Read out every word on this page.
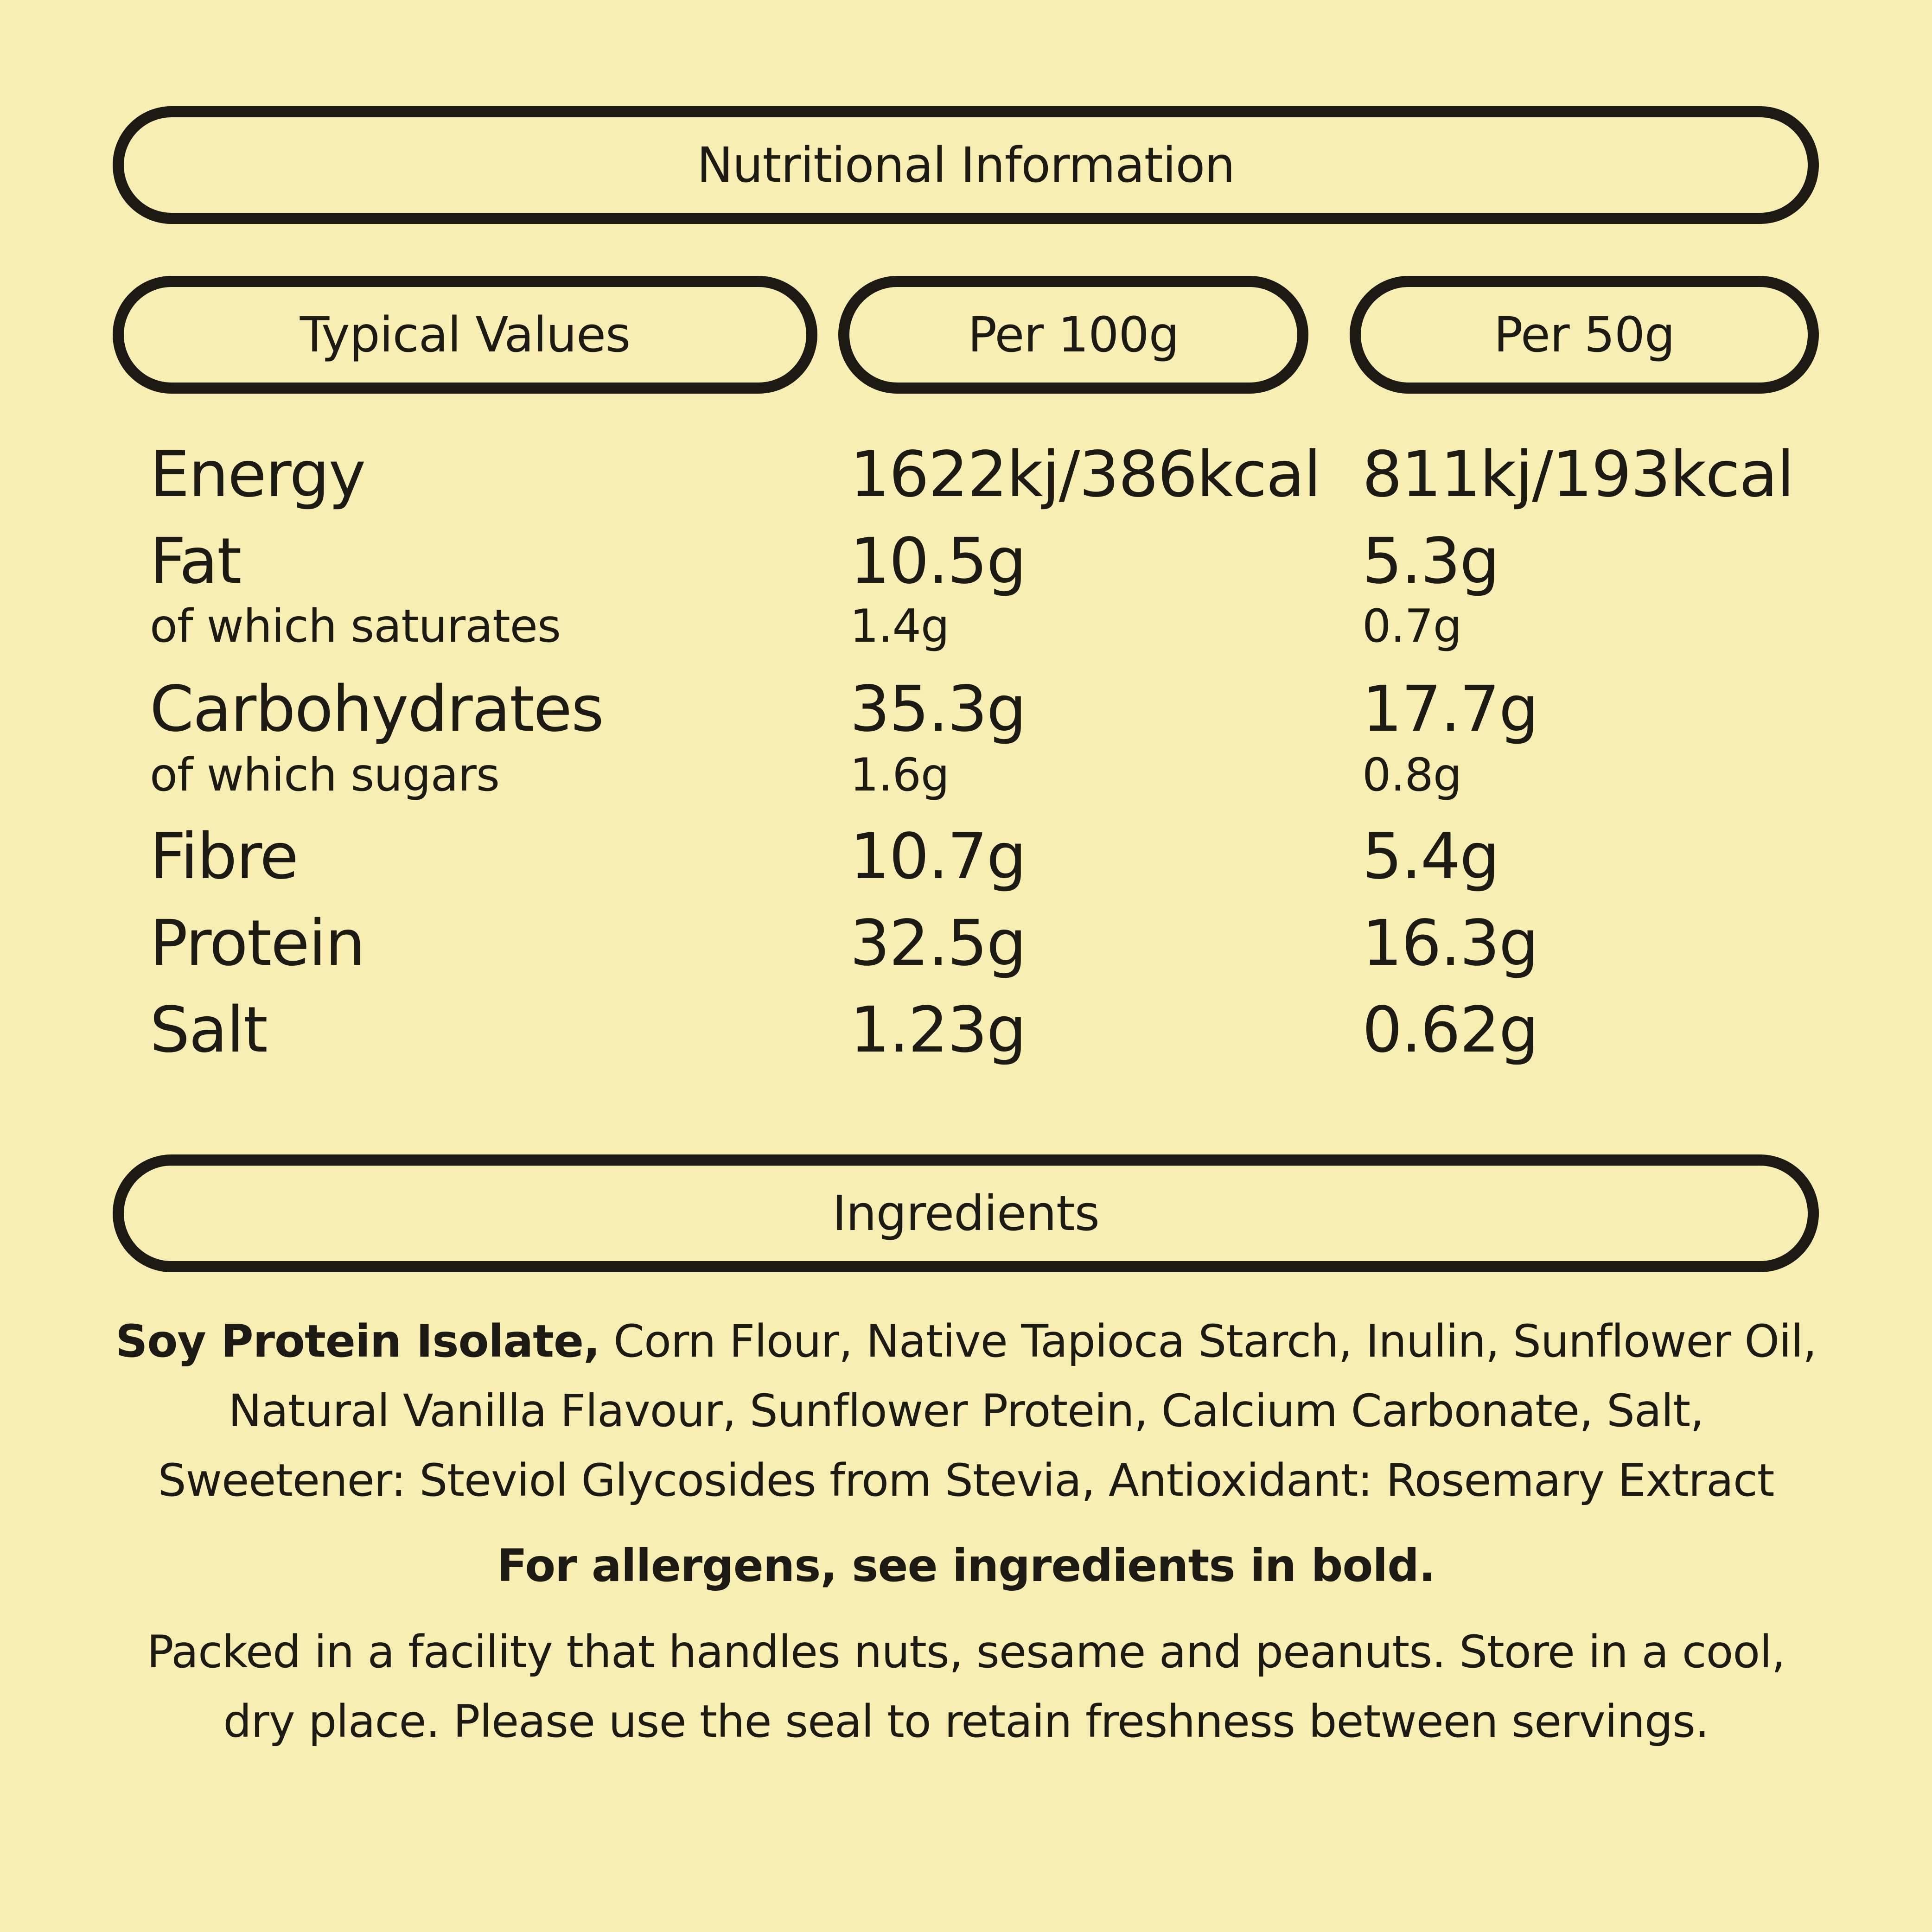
Nutritional Information
Typical Values	Per 100g	Per 50g
Energy	1622kj/386kcal 811kj/193kcal
Fat	10.5g	5.3g
of which saturates	1.4g	0.7g
Carbohydrates	35.3g	17.7g
of which sugars	1.6g	0.8g
Fibre	10.7g	5.4g
Protein	32.5g	16.3g
Salt	1.23g	0.62g
Ingredients
Soy Protein Isolate, Corn Flour, Native Tapioca Starch, Inulin, Sunflower Oil, Natural Vanilla Flavour, Sunflower Protein, Calcium Carbonate, Salt, Sweetener: Steviol Glycosides from Stevia, Antioxidant: Rosemary Extract
For allergens, see ingredients in bold.
Packed in a facility that handles nuts, sesame and peanuts. Store in a cool, dry place. Please use the seal to retain freshness between servings.
